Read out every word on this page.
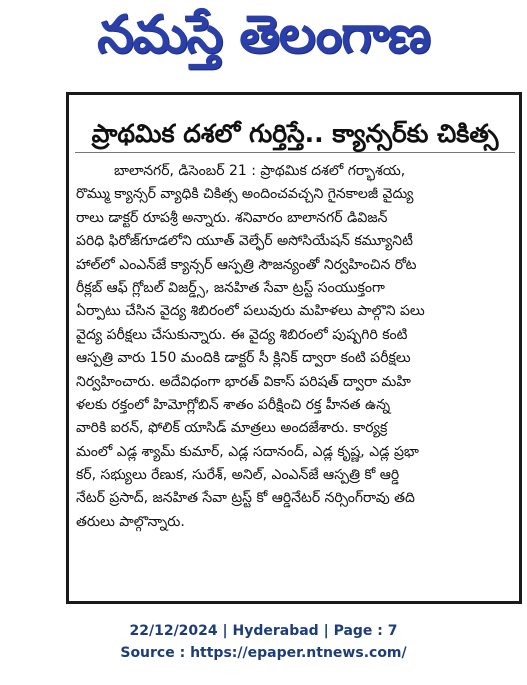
నమస్తే తెలంగాణ
ప్రాథమిక దశలో గుర్తిస్తే.. క్యాన్సర్‌కు చికిత్స
బాలానగర్, డిసెంబర్ 21 : ప్రాథమిక దశలో గర్భాశయ,
రొమ్ము క్యాన్సర్ వ్యాధికి చికిత్స అందించవచ్చని గైనకాలజీ వైద్యు
రాలు డాక్టర్ రూపశ్రీ అన్నారు. శనివారం బాలానగర్ డివిజన్
పరిధి ఫిరోజ్‌గూడలోని యూత్ వెల్ఫేర్ అసోసియేషన్ కమ్యూనిటీ
హాల్‌లో ఎంఎన్‌జే క్యాన్సర్ ఆస్పత్రి సౌజన్యంతో నిర్వహించిన రోట
రీక్లబ్ ఆఫ్ గ్లోబల్ విజర్డ్స్, జనహిత సేవా ట్రస్ట్ సంయుక్తంగా
ఏర్పాటు చేసిన వైద్య శిబిరంలో పలువురు మహిళలు పాల్గొని పలు
వైద్య పరీక్షలు చేసుకున్నారు. ఈ వైద్య శిబిరంలో పుష్పగిరి కంటి
ఆస్పత్రి వారు 150 మందికి డాక్టర్ సీ క్లినిక్ ద్వారా కంటి పరీక్షలు
నిర్వహించారు. అదేవిధంగా భారత్ వికాస్ పరిషత్ ద్వారా మహి
ళలకు రక్తంలో హిమోగ్లోబిన్ శాతం పరీక్షించి రక్త హీనత ఉన్న
వారికి ఐరన్, ఫోలిక్ యాసిడ్ మాత్రలు అందజేశారు. కార్యక్ర
మంలో ఎడ్ల శ్యామ్ కుమార్, ఎడ్ల సదానంద్, ఎడ్ల కృష్ణ, ఎడ్ల ప్రభా
కర్, సభ్యులు రేణుక, సురేశ్, అనిల్, ఎంఎన్‌జే ఆస్పత్రి కో ఆర్డి
నేటర్ ప్రసాద్, జనహిత సేవా ట్రస్ట్ కో ఆర్డినేటర్ నర్సింగ్‌రావు తది
తరులు పాల్గొన్నారు.
22/12/2024 | Hyderabad | Page : 7
Source : https://epaper.ntnews.com/
